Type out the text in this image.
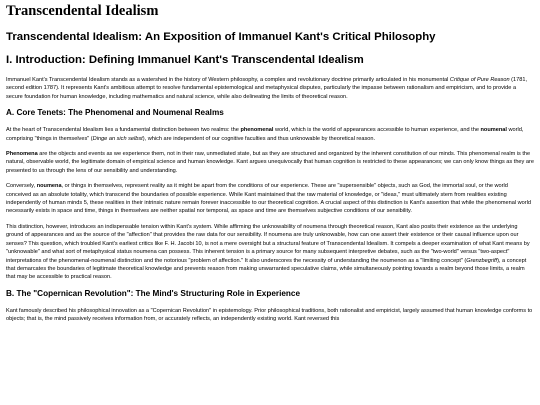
Transcendental Idealism
Transcendental Idealism: An Exposition of Immanuel Kant's Critical Philosophy
I. Introduction: Defining Immanuel Kant's Transcendental Idealism

Immanuel Kant's Transcendental Idealism stands as a watershed in the history of Western philosophy, a complex and revolutionary doctrine primarily articulated in his monumental Critique of Pure Reason (1781, second edition 1787). It represents Kant's ambitious attempt to resolve fundamental epistemological and metaphysical disputes, particularly the impasse between rationalism and empiricism, and to provide a secure foundation for human knowledge, including mathematics and natural science, while also delineating the limits of theoretical reason.

A. Core Tenets: The Phenomenal and Noumenal Realms

At the heart of Transcendental Idealism lies a fundamental distinction between two realms: the phenomenal world, which is the world of appearances accessible to human experience, and the noumenal world, comprising "things in themselves" (Dinge an sich selbst), which are independent of our cognitive faculties and thus unknowable by theoretical reason.

Phenomena are the objects and events as we experience them, not in their raw, unmediated state, but as they are structured and organized by the inherent constitution of our minds. This phenomenal realm is the natural, observable world, the legitimate domain of empirical science and human knowledge. Kant argues unequivocally that human cognition is restricted to these appearances; we can only know things as they are presented to us through the lens of our sensibility and understanding.

Conversely, noumena, or things in themselves, represent reality as it might be apart from the conditions of our experience. These are "supersensible" objects, such as God, the immortal soul, or the world conceived as an absolute totality, which transcend the boundaries of possible experience. While Kant maintained that the raw material of knowledge, or "ideas," must ultimately stem from realities existing independently of human minds 5, these realities in their intrinsic nature remain forever inaccessible to our theoretical cognition. A crucial aspect of this distinction is Kant's assertion that while the phenomenal world necessarily exists in space and time, things in themselves are neither spatial nor temporal, as space and time are themselves subjective conditions of our sensibility.

This distinction, however, introduces an indispensable tension within Kant's system. While affirming the unknowability of noumena through theoretical reason, Kant also posits their existence as the underlying ground of appearances and as the source of the "affection" that provides the raw data for our sensibility. If noumena are truly unknowable, how can one assert their existence or their causal influence upon our senses? This question, which troubled Kant's earliest critics like F. H. Jacobi 10, is not a mere oversight but a structural feature of Transcendental Idealism. It compels a deeper examination of what Kant means by "unknowable" and what sort of metaphysical status noumena can possess. This inherent tension is a primary source for many subsequent interpretive debates, such as the "two-world" versus "two-aspect" interpretations of the phenomenal-noumenal distinction and the notorious "problem of affection." It also underscores the necessity of understanding the noumenon as a "limiting concept" (Grenzbegriff), a concept that demarcates the boundaries of legitimate theoretical knowledge and prevents reason from making unwarranted speculative claims, while simultaneously pointing towards a realm beyond those limits, a realm that may be accessible to practical reason.

B. The "Copernican Revolution": The Mind's Structuring Role in Experience

Kant famously described his philosophical innovation as a "Copernican Revolution" in epistemology. Prior philosophical traditions, both rationalist and empiricist, largely assumed that human knowledge conforms to objects; that is, the mind passively receives information from, or accurately reflects, an independently existing world. Kant reversed this
